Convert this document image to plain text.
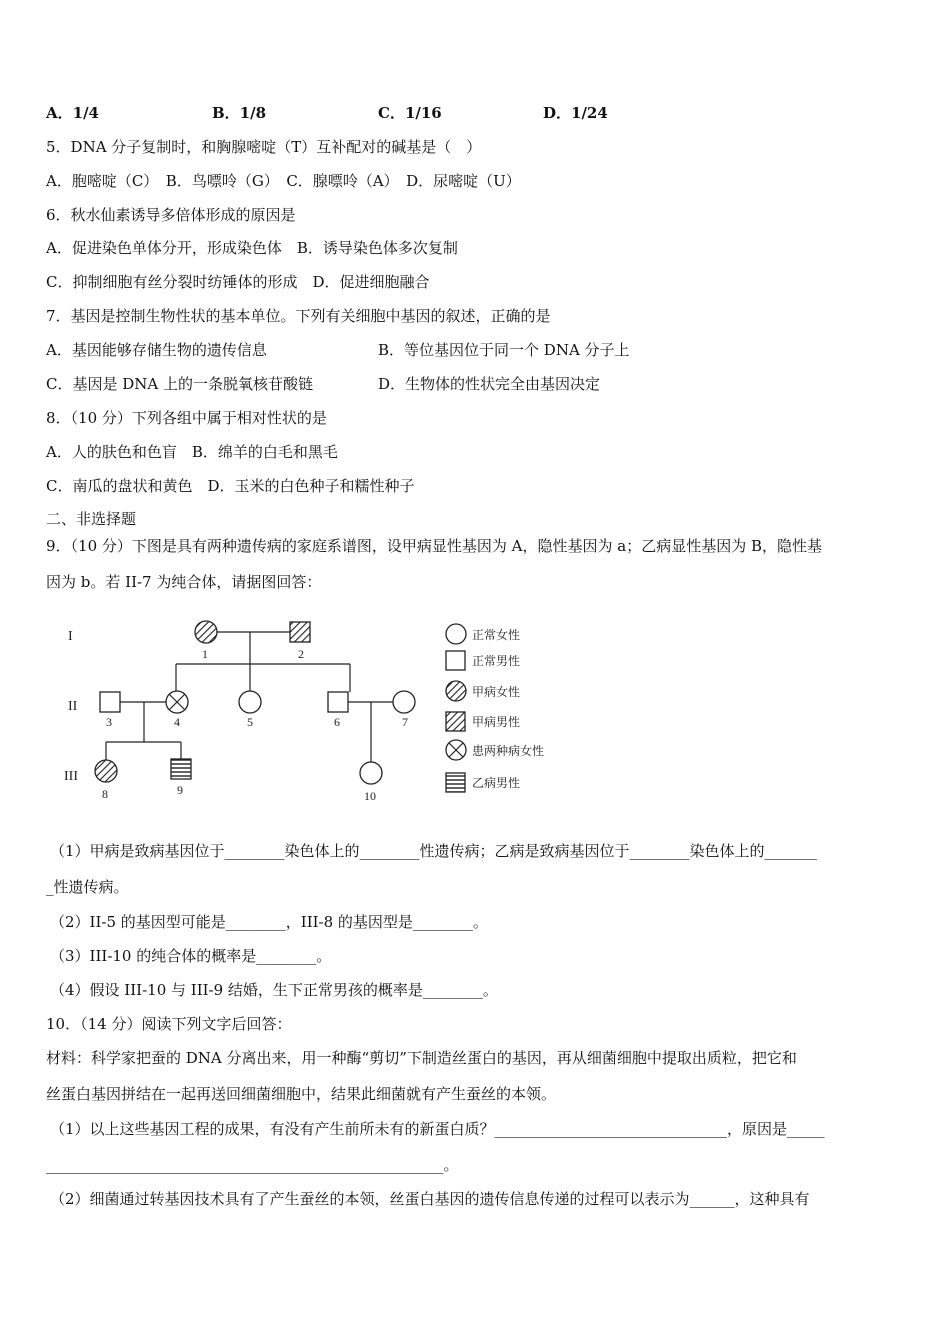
A．1/4	B．1/8	C．1/16	D．1/24
5．DNA 分子复制时，和胸腺嘧啶（T）互补配对的碱基是（　）
A．胞嘧啶（C）　B．鸟嘌呤（G）　C．腺嘌呤（A）　D．尿嘧啶（U）
6．秋水仙素诱导多倍体形成的原因是
A．促进染色单体分开，形成染色体　B．诱导染色体多次复制
C．抑制细胞有丝分裂时纺锤体的形成　D．促进细胞融合
7．基因是控制生物性状的基本单位。下列有关细胞中基因的叙述，正确的是
A．基因能够存储生物的遗传信息	B．等位基因位于同一个 DNA 分子上
C．基因是 DNA 上的一条脱氧核苷酸链	D．生物体的性状完全由基因决定
8．（10 分）下列各组中属于相对性状的是
A．人的肤色和色盲　B．绵羊的白毛和黑毛
C．南瓜的盘状和黄色　D．玉米的白色种子和糯性种子
二、非选择题
9．（10 分）下图是具有两种遗传病的家庭系谱图，设甲病显性基因为 A，隐性基因为 a；乙病显性基因为 B，隐性基
因为 b。若 II-7 为纯合体，请据图回答：
I
II
III
1	2
3	4	5	6	7
8	9	10
正常女性
正常男性
甲病女性
甲病男性
患两种病女性
乙病男性
（1）甲病是致病基因位于________染色体上的________性遗传病；乙病是致病基因位于________染色体上的_______
_性遗传病。
（2）II-5 的基因型可能是________，III-8 的基因型是________。
（3）III-10 的纯合体的概率是________。
（4）假设 III-10 与 III-9 结婚，生下正常男孩的概率是________。
10．（14 分）阅读下列文字后回答：
材料：科学家把蚕的 DNA 分离出来，用一种酶“剪切”下制造丝蛋白的基因，再从细菌细胞中提取出质粒，把它和
丝蛋白基因拼结在一起再送回细菌细胞中，结果此细菌就有产生蚕丝的本领。
（1）以上这些基因工程的成果，有没有产生前所未有的新蛋白质？_______________________________，原因是_____
_____________________________________________________。
（2）细菌通过转基因技术具有了产生蚕丝的本领，丝蛋白基因的遗传信息传递的过程可以表示为______，这种具有
